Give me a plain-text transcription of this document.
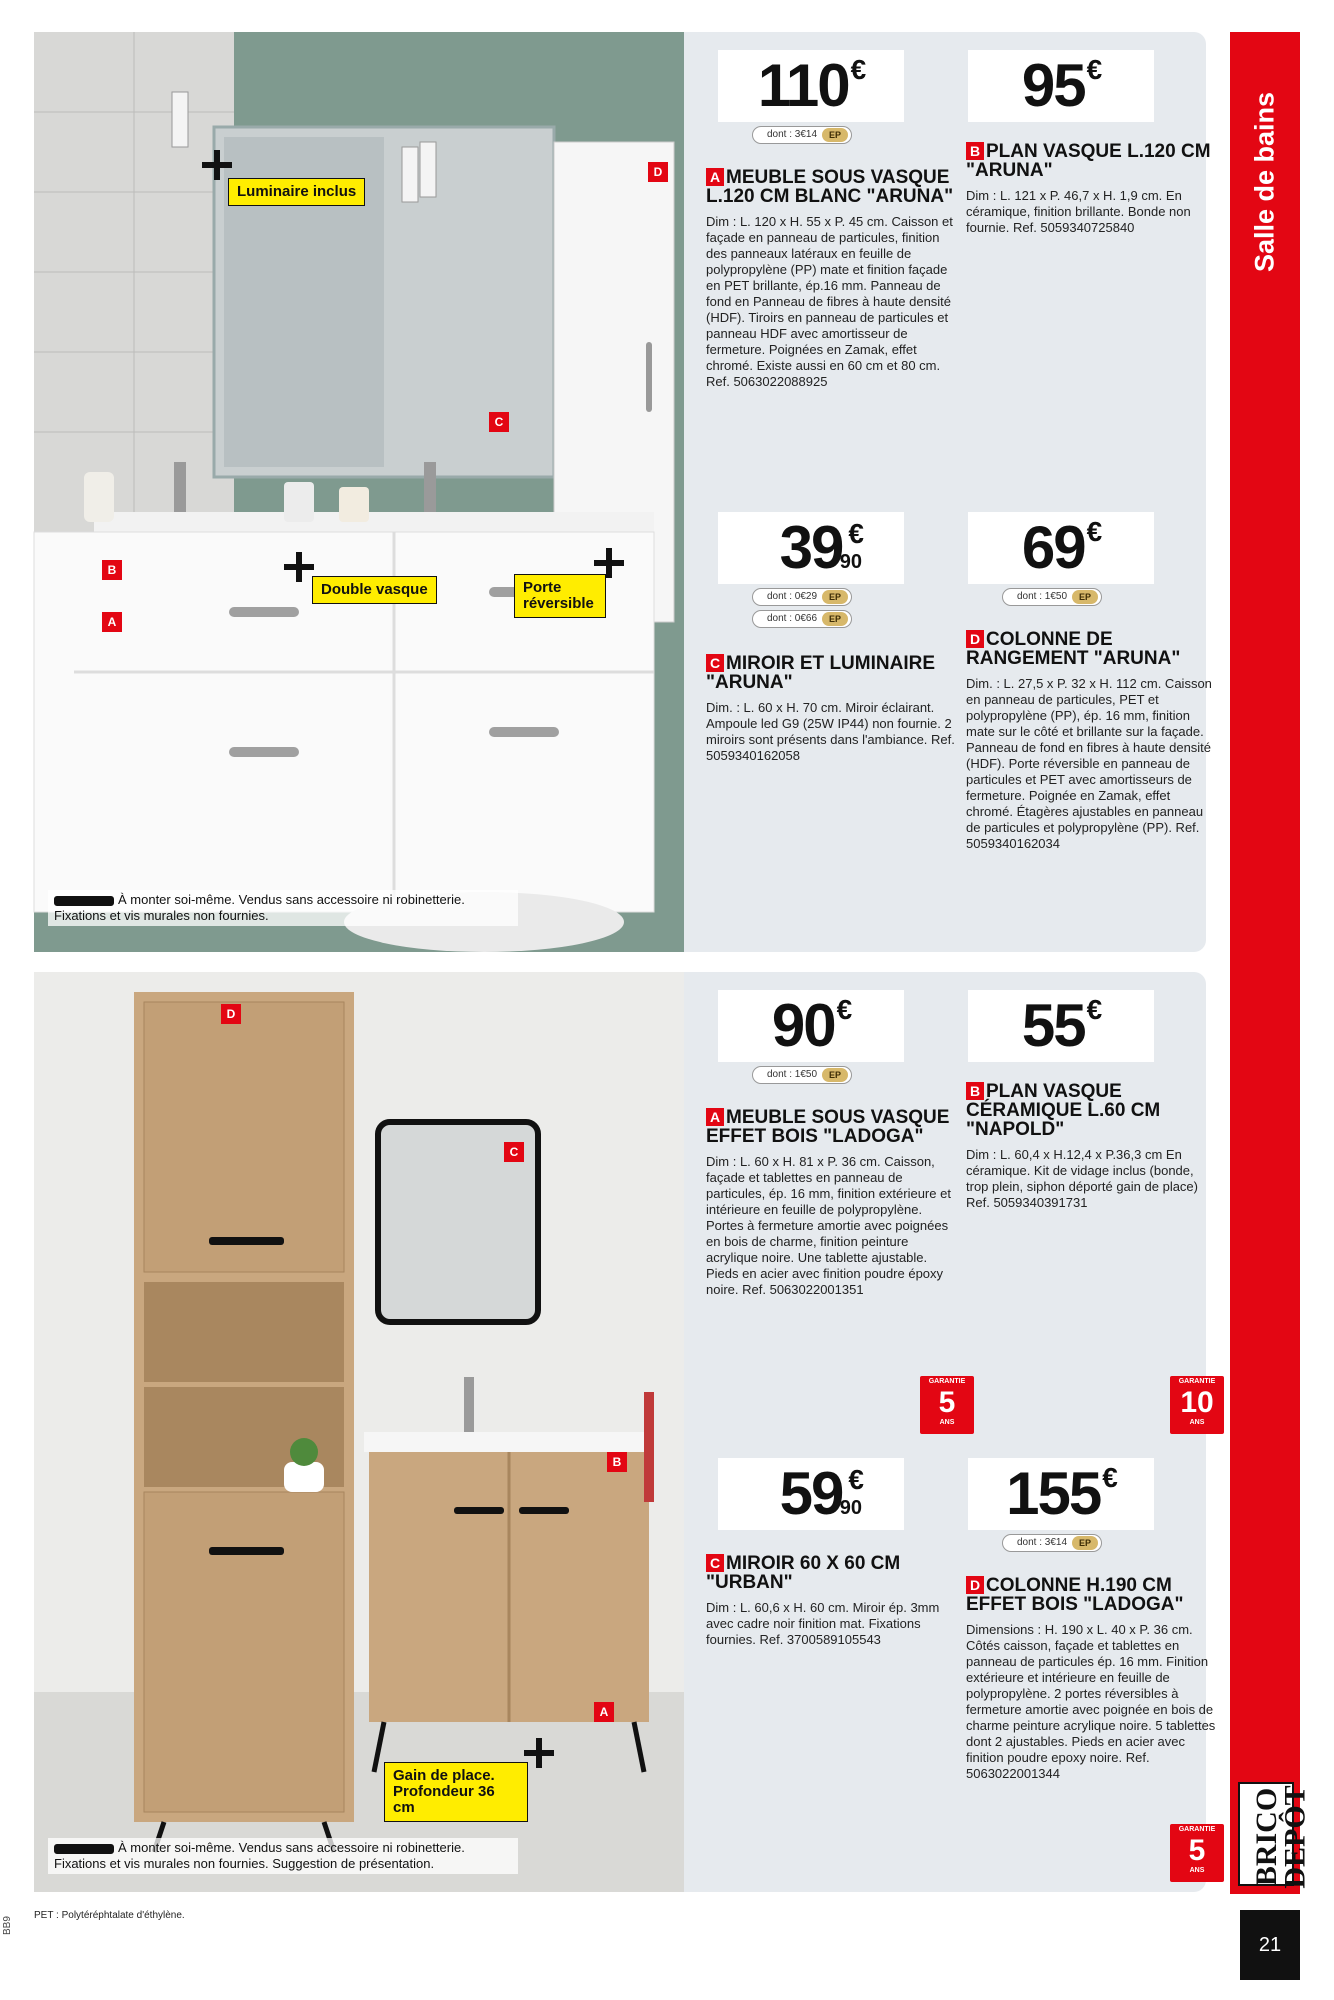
D
C
B
A
Luminaire inclus
Double vasque	Porte réversible
À monter soi-même. Vendus sans accessoire ni robinetterie. Fixations et vis murales non fournies.
110€
dont : 3€14 EP
A MEUBLE SOUS VASQUE L.120 CM BLANC "ARUNA"

Dim : L. 120 x H. 55 x P. 45 cm. Caisson et façade en panneau de particules, finition des panneaux latéraux en feuille de polypropylène (PP) mate et finition façade en PET brillante, ép.16 mm. Panneau de fond en Panneau de fibres à haute densité (HDF). Tiroirs en panneau de particules et panneau HDF avec amortisseur de fermeture. Poignées en Zamak, effet chromé. Existe aussi en 60 cm et 80 cm. Ref. 5063022088925

95€
B PLAN VASQUE L.120 CM "ARUNA"

Dim : L. 121 x P. 46,7 x H. 1,9 cm. En céramique, finition brillante. Bonde non fournie. Ref. 5059340725840

39 €
90
dont : 0€29 EP
dont : 0€66 EP
C MIROIR ET LUMINAIRE "ARUNA"

Dim. : L. 60 x H. 70 cm. Miroir éclairant. Ampoule led G9 (25W IP44) non fournie. 2 miroirs sont présents dans l'ambiance. Ref. 5059340162058

69€
dont : 1€50 EP
D COLONNE DE RANGEMENT "ARUNA"

Dim. : L. 27,5 x P. 32 x H. 112 cm. Caisson en panneau de particules, PET et polypropylène (PP), ép. 16 mm, finition mate sur le côté et brillante sur la façade. Panneau de fond en fibres à haute densité (HDF). Porte réversible en panneau de particules et PET avec amortisseurs de fermeture. Poignée en Zamak, effet chromé. Étagères ajustables en panneau de particules et polypropylène (PP). Ref. 5059340162034

D
C
B
A
Gain de place. Profondeur 36 cm
À monter soi-même. Vendus sans accessoire ni robinetterie. Fixations et vis murales non fournies. Suggestion de présentation.
90€
dont : 1€50 EP
A MEUBLE SOUS VASQUE EFFET BOIS "LADOGA"

Dim : L. 60 x H. 81 x P. 36 cm. Caisson, façade et tablettes en panneau de particules, ép. 16 mm, finition extérieure et intérieure en feuille de polypropylène. Portes à fermeture amortie avec poignées en bois de charme, finition peinture acrylique noire. Une tablette ajustable. Pieds en acier avec finition poudre époxy noire. Ref. 5063022001351

GARANTIE
5
ANS
55€
B PLAN VASQUE CÉRAMIQUE L.60 CM "NAPOLD"

Dim : L. 60,4 x H.12,4 x P.36,3 cm En céramique. Kit de vidage inclus (bonde, trop plein, siphon déporté gain de place) Ref. 5059340391731

GARANTIE
10
ANS
59 €
90
C MIROIR 60 X 60 CM "URBAN"

Dim : L. 60,6 x H. 60 cm. Miroir ép. 3mm avec cadre noir finition mat. Fixations fournies. Ref. 3700589105543

155€
dont : 3€14 EP
D COLONNE H.190 CM EFFET BOIS "LADOGA"

Dimensions : H. 190 x L. 40 x P. 36 cm. Côtés caisson, façade et tablettes en panneau de particules ép. 16 mm. Finition extérieure et intérieure en feuille de polypropylène. 2 portes réversibles à fermeture amortie avec poignée en bois de charme peinture acrylique noire. 5 tablettes dont 2 ajustables. Pieds en acier avec finition poudre epoxy noire. Ref. 5063022001344

GARANTIE
5
ANS
Salle de bains
BRICO
DEPÔT
21
PET : Polytéréphtalate d'éthylène.
BB9
